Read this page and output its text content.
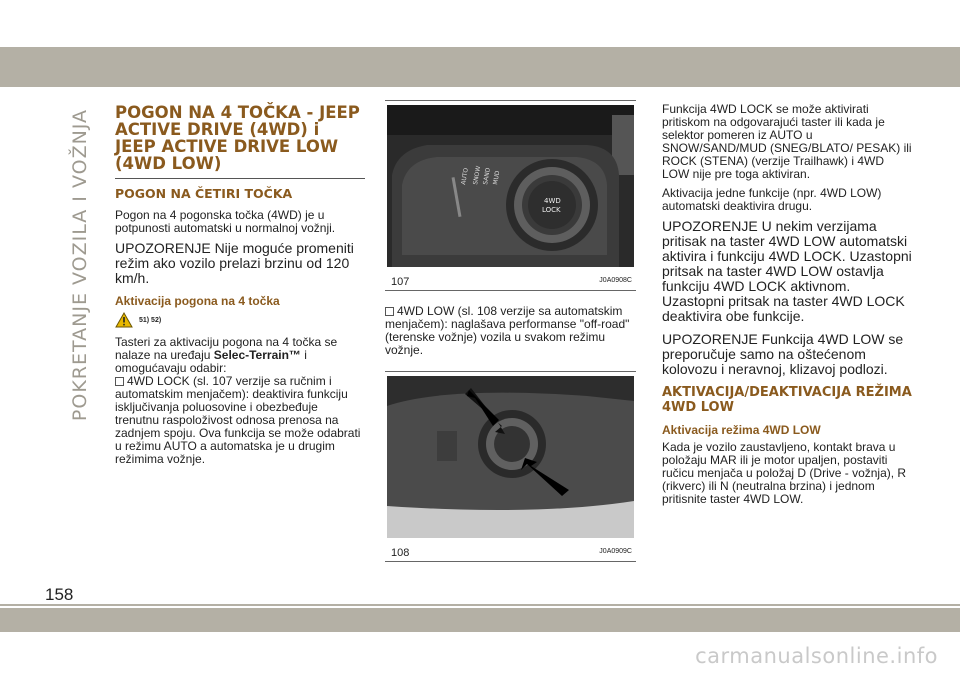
POKRETANJE VOZILA I VOŽNJA POGON NA 4 TOČKA - JEEP ACTIVE DRIVE (4WD) i JEEP ACTIVE DRIVE LOW (4WD LOW)
POGON NA ČETIRI TOČKA

Pogon na 4 pogonska točka (4WD) je u potpunosti automatski u normalnoj vožnji.

UPOZORENJE Nije moguće promeniti režim ako vozilo prelazi brzinu od 120 km/h.

Aktivacija pogona na 4 točka
51) 52)

Tasteri za aktivaciju pogona na 4 točka se nalaze na uređaju Selec-Terrain™ i omogućavaju odabir:
4WD LOCK (sl. 107 verzije sa ručnim i automatskim menjačem): deaktivira funkciju isključivanja poluosovine i obezbeđuje trenutnu raspoloživost odnosa prenosa na zadnjem spoju. Ova funkcija se može odabrati u režimu AUTO a automatska je u drugim režimima vožnje.

AUTO SNOW SAND MUD
4WD
LOCK
107	J0A0908C

4WD LOW (sl. 108 verzije sa automatskim menjačem): naglašava performanse "off-road" (terenske vožnje) vozila u svakom režimu vožnje.

108	J0A0909C

Funkcija 4WD LOCK se može aktivirati pritiskom na odgovarajući taster ili kada je selektor pomeren iz AUTO u SNOW/SAND/MUD (SNEG/BLATO/ PESAK) ili ROCK (STENA) (verzije Trailhawk) i 4WD LOW nije pre toga aktiviran.

Aktivacija jedne funkcije (npr. 4WD LOW) automatski deaktivira drugu.

UPOZORENJE U nekim verzijama pritisak na taster 4WD LOW automatski aktivira i funkciju 4WD LOCK. Uzastopni pritsak na taster 4WD LOW ostavlja funkciju 4WD LOCK aktivnom. Uzastopni pritsak na taster 4WD LOCK deaktivira obe funkcije.

UPOZORENJE Funkcija 4WD LOW se preporučuje samo na oštećenom kolovozu i neravnoj, klizavoj podlozi.

AKTIVACIJA/DEAKTIVACIJA REŽIMA 4WD LOW
Aktivacija režima 4WD LOW

Kada je vozilo zaustavljeno, kontakt brava u položaju MAR ili je motor upaljen, postaviti ručicu menjača u položaj D (Drive - vožnja), R (rikverc) ili N (neutralna brzina) i jednom pritisnite taster 4WD LOW.

158
carmanualsonline.info
